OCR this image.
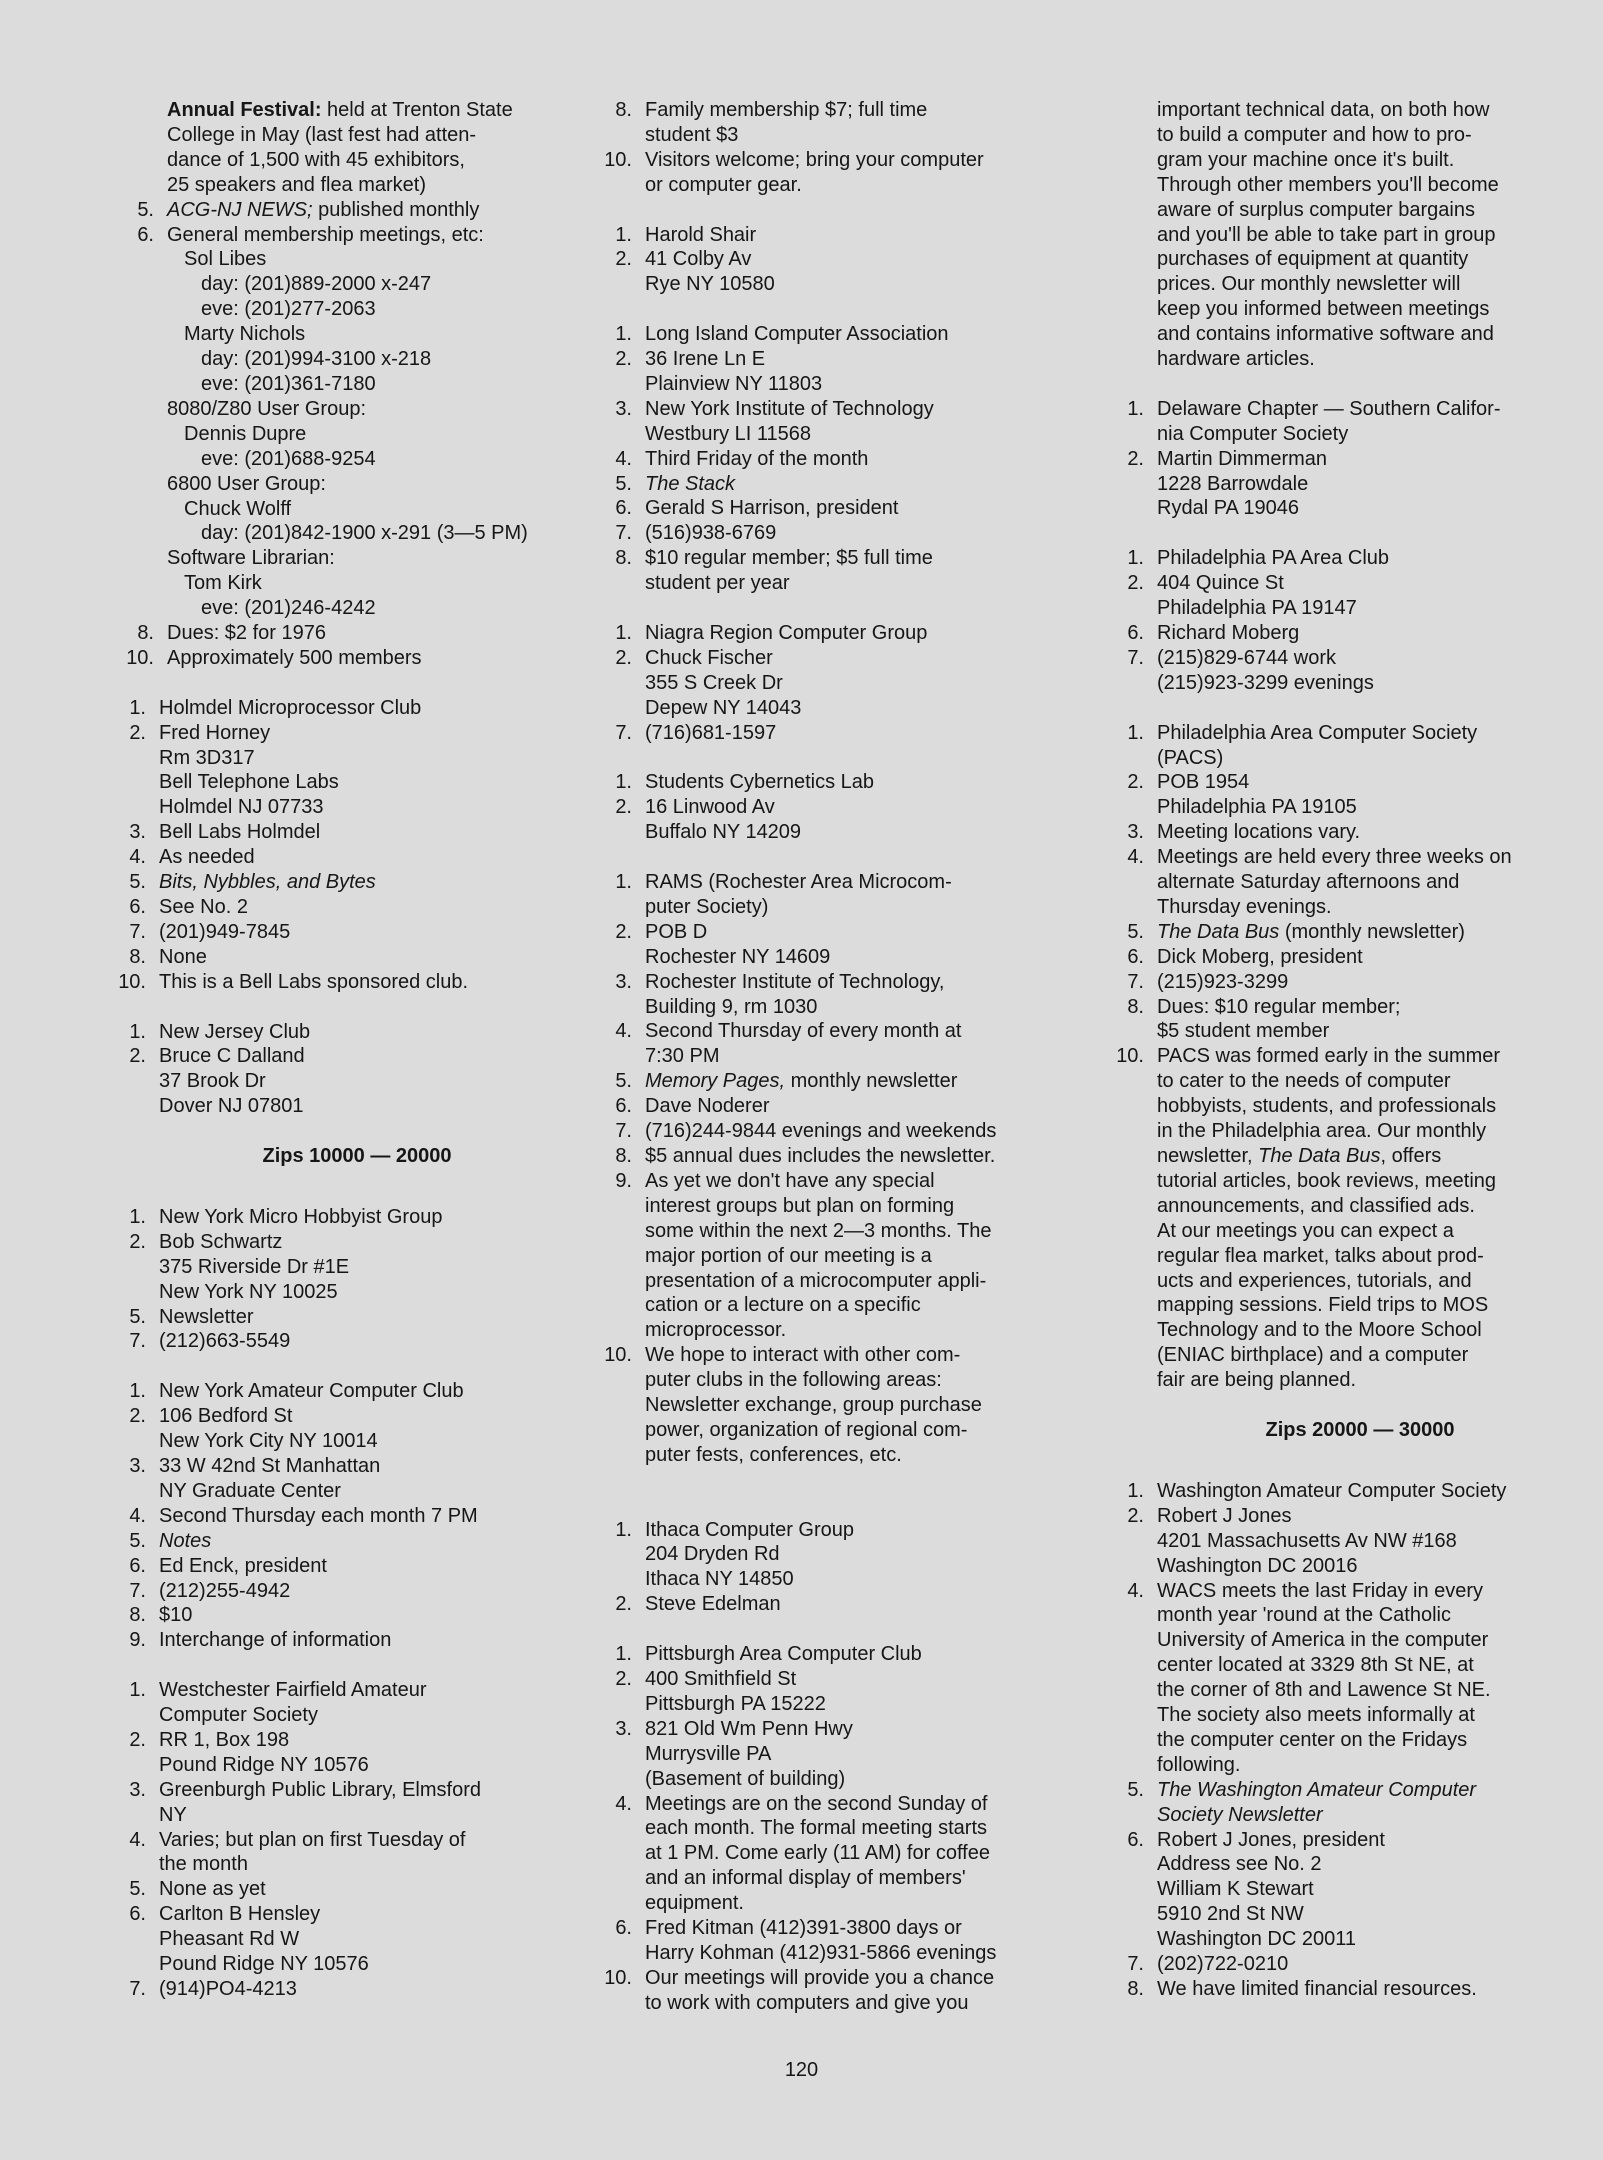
Annual Festival: held at Trenton State
College in May (last fest had atten-
dance of 1,500 with 45 exhibitors,
25 speakers and flea market)
5. ACG-NJ NEWS; published monthly
6. General membership meetings, etc:
Sol Libes
day: (201)889-2000 x-247
eve: (201)277-2063
Marty Nichols
day: (201)994-3100 x-218
eve: (201)361-7180
8080/Z80 User Group:
Dennis Dupre
eve: (201)688-9254
6800 User Group:
Chuck Wolff
day: (201)842-1900 x-291 (3—5 PM)
Software Librarian:
Tom Kirk
eve: (201)246-4242
8. Dues: $2 for 1976
10. Approximately 500 members
1. Holmdel Microprocessor Club
2. Fred Horney
Rm 3D317
Bell Telephone Labs
Holmdel NJ 07733
3. Bell Labs Holmdel
4. As needed
5. Bits, Nybbles, and Bytes
6. See No. 2
7. (201)949-7845
8. None
10. This is a Bell Labs sponsored club.
1. New Jersey Club
2. Bruce C Dalland
37 Brook Dr
Dover NJ 07801
Zips 10000 — 20000
1. New York Micro Hobbyist Group
2. Bob Schwartz
375 Riverside Dr #1E
New York NY 10025
5. Newsletter
7. (212)663-5549
1. New York Amateur Computer Club
2. 106 Bedford St
New York City NY 10014
3. 33 W 42nd St Manhattan
NY Graduate Center
4. Second Thursday each month 7 PM
5. Notes
6. Ed Enck, president
7. (212)255-4942
8. $10
9. Interchange of information
1. Westchester Fairfield Amateur
Computer Society
2. RR 1, Box 198
Pound Ridge NY 10576
3. Greenburgh Public Library, Elmsford
NY
4. Varies; but plan on first Tuesday of
the month
5. None as yet
6. Carlton B Hensley
Pheasant Rd W
Pound Ridge NY 10576
7. (914)PO4-4213
8. Family membership $7; full time
student $3
10. Visitors welcome; bring your computer
or computer gear.
1. Harold Shair
2. 41 Colby Av
Rye NY 10580
1. Long Island Computer Association
2. 36 Irene Ln E
Plainview NY 11803
3. New York Institute of Technology
Westbury LI 11568
4. Third Friday of the month
5. The Stack
6. Gerald S Harrison, president
7. (516)938-6769
8. $10 regular member; $5 full time
student per year
1. Niagra Region Computer Group
2. Chuck Fischer
355 S Creek Dr
Depew NY 14043
7. (716)681-1597
1. Students Cybernetics Lab
2. 16 Linwood Av
Buffalo NY 14209
1. RAMS (Rochester Area Microcom-
puter Society)
2. POB D
Rochester NY 14609
3. Rochester Institute of Technology,
Building 9, rm 1030
4. Second Thursday of every month at
7:30 PM
5. Memory Pages, monthly newsletter
6. Dave Noderer
7. (716)244-9844 evenings and weekends
8. $5 annual dues includes the newsletter.
9. As yet we don't have any special
interest groups but plan on forming
some within the next 2—3 months. The
major portion of our meeting is a
presentation of a microcomputer appli-
cation or a lecture on a specific
microprocessor.
10. We hope to interact with other com-
puter clubs in the following areas:
Newsletter exchange, group purchase
power, organization of regional com-
puter fests, conferences, etc.
1. Ithaca Computer Group
204 Dryden Rd
Ithaca NY 14850
2. Steve Edelman
1. Pittsburgh Area Computer Club
2. 400 Smithfield St
Pittsburgh PA 15222
3. 821 Old Wm Penn Hwy
Murrysville PA
(Basement of building)
4. Meetings are on the second Sunday of
each month. The formal meeting starts
at 1 PM. Come early (11 AM) for coffee
and an informal display of members'
equipment.
6. Fred Kitman (412)391-3800 days or
Harry Kohman (412)931-5866 evenings
10. Our meetings will provide you a chance
to work with computers and give you
important technical data, on both how
to build a computer and how to pro-
gram your machine once it's built.
Through other members you'll become
aware of surplus computer bargains
and you'll be able to take part in group
purchases of equipment at quantity
prices. Our monthly newsletter will
keep you informed between meetings
and contains informative software and
hardware articles.
1. Delaware Chapter — Southern Califor-
nia Computer Society
2. Martin Dimmerman
1228 Barrowdale
Rydal PA 19046
1. Philadelphia PA Area Club
2. 404 Quince St
Philadelphia PA 19147
6. Richard Moberg
7. (215)829-6744 work
(215)923-3299 evenings
1. Philadelphia Area Computer Society
(PACS)
2. POB 1954
Philadelphia PA 19105
3. Meeting locations vary.
4. Meetings are held every three weeks on
alternate Saturday afternoons and
Thursday evenings.
5. The Data Bus (monthly newsletter)
6. Dick Moberg, president
7. (215)923-3299
8. Dues: $10 regular member;
$5 student member
10. PACS was formed early in the summer
to cater to the needs of computer
hobbyists, students, and professionals
in the Philadelphia area. Our monthly
newsletter, The Data Bus, offers
tutorial articles, book reviews, meeting
announcements, and classified ads.
At our meetings you can expect a
regular flea market, talks about prod-
ucts and experiences, tutorials, and
mapping sessions. Field trips to MOS
Technology and to the Moore School
(ENIAC birthplace) and a computer
fair are being planned.
Zips 20000 — 30000
1. Washington Amateur Computer Society
2. Robert J Jones
4201 Massachusetts Av NW #168
Washington DC 20016
4. WACS meets the last Friday in every
month year 'round at the Catholic
University of America in the computer
center located at 3329 8th St NE, at
the corner of 8th and Lawence St NE.
The society also meets informally at
the computer center on the Fridays
following.
5. The Washington Amateur Computer
Society Newsletter
6. Robert J Jones, president
Address see No. 2
William K Stewart
5910 2nd St NW
Washington DC 20011
7. (202)722-0210
8. We have limited financial resources.
120
